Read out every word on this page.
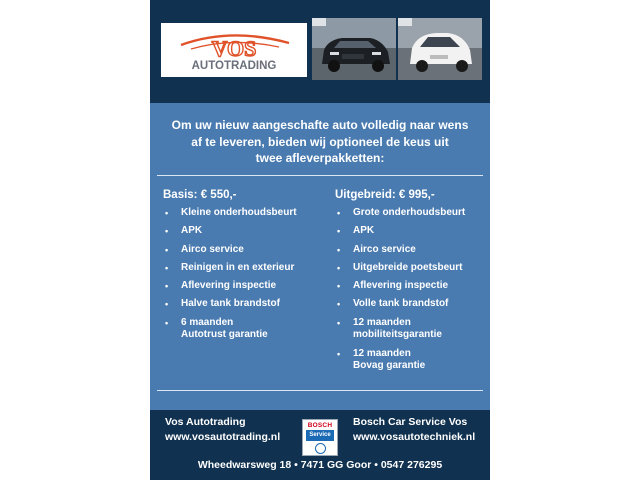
VOS
AUTOTRADING
Om uw nieuw aangeschafte auto volledig naar wens
af te leveren, bieden wij optioneel de keus uit
twee afleverpakketten:
Basis: € 550,-
• Kleine onderhoudsbeurt
• APK
• Airco service
• Reinigen in en exterieur
• Aflevering inspectie
• Halve tank brandstof
• 6 maanden
Autotrust garantie
Uitgebreid: € 995,-
• Grote onderhoudsbeurt
• APK
• Airco service
• Uitgebreide poetsbeurt
• Aflevering inspectie
• Volle tank brandstof
• 12 maanden
mobiliteitsgarantie
• 12 maanden
Bovag garantie
Vos Autotrading
www.vosautotrading.nl
BOSCH
Service
Bosch Car Service Vos
www.vosautotechniek.nl
Wheedwarsweg 18 • 7471 GG Goor • 0547 276295
